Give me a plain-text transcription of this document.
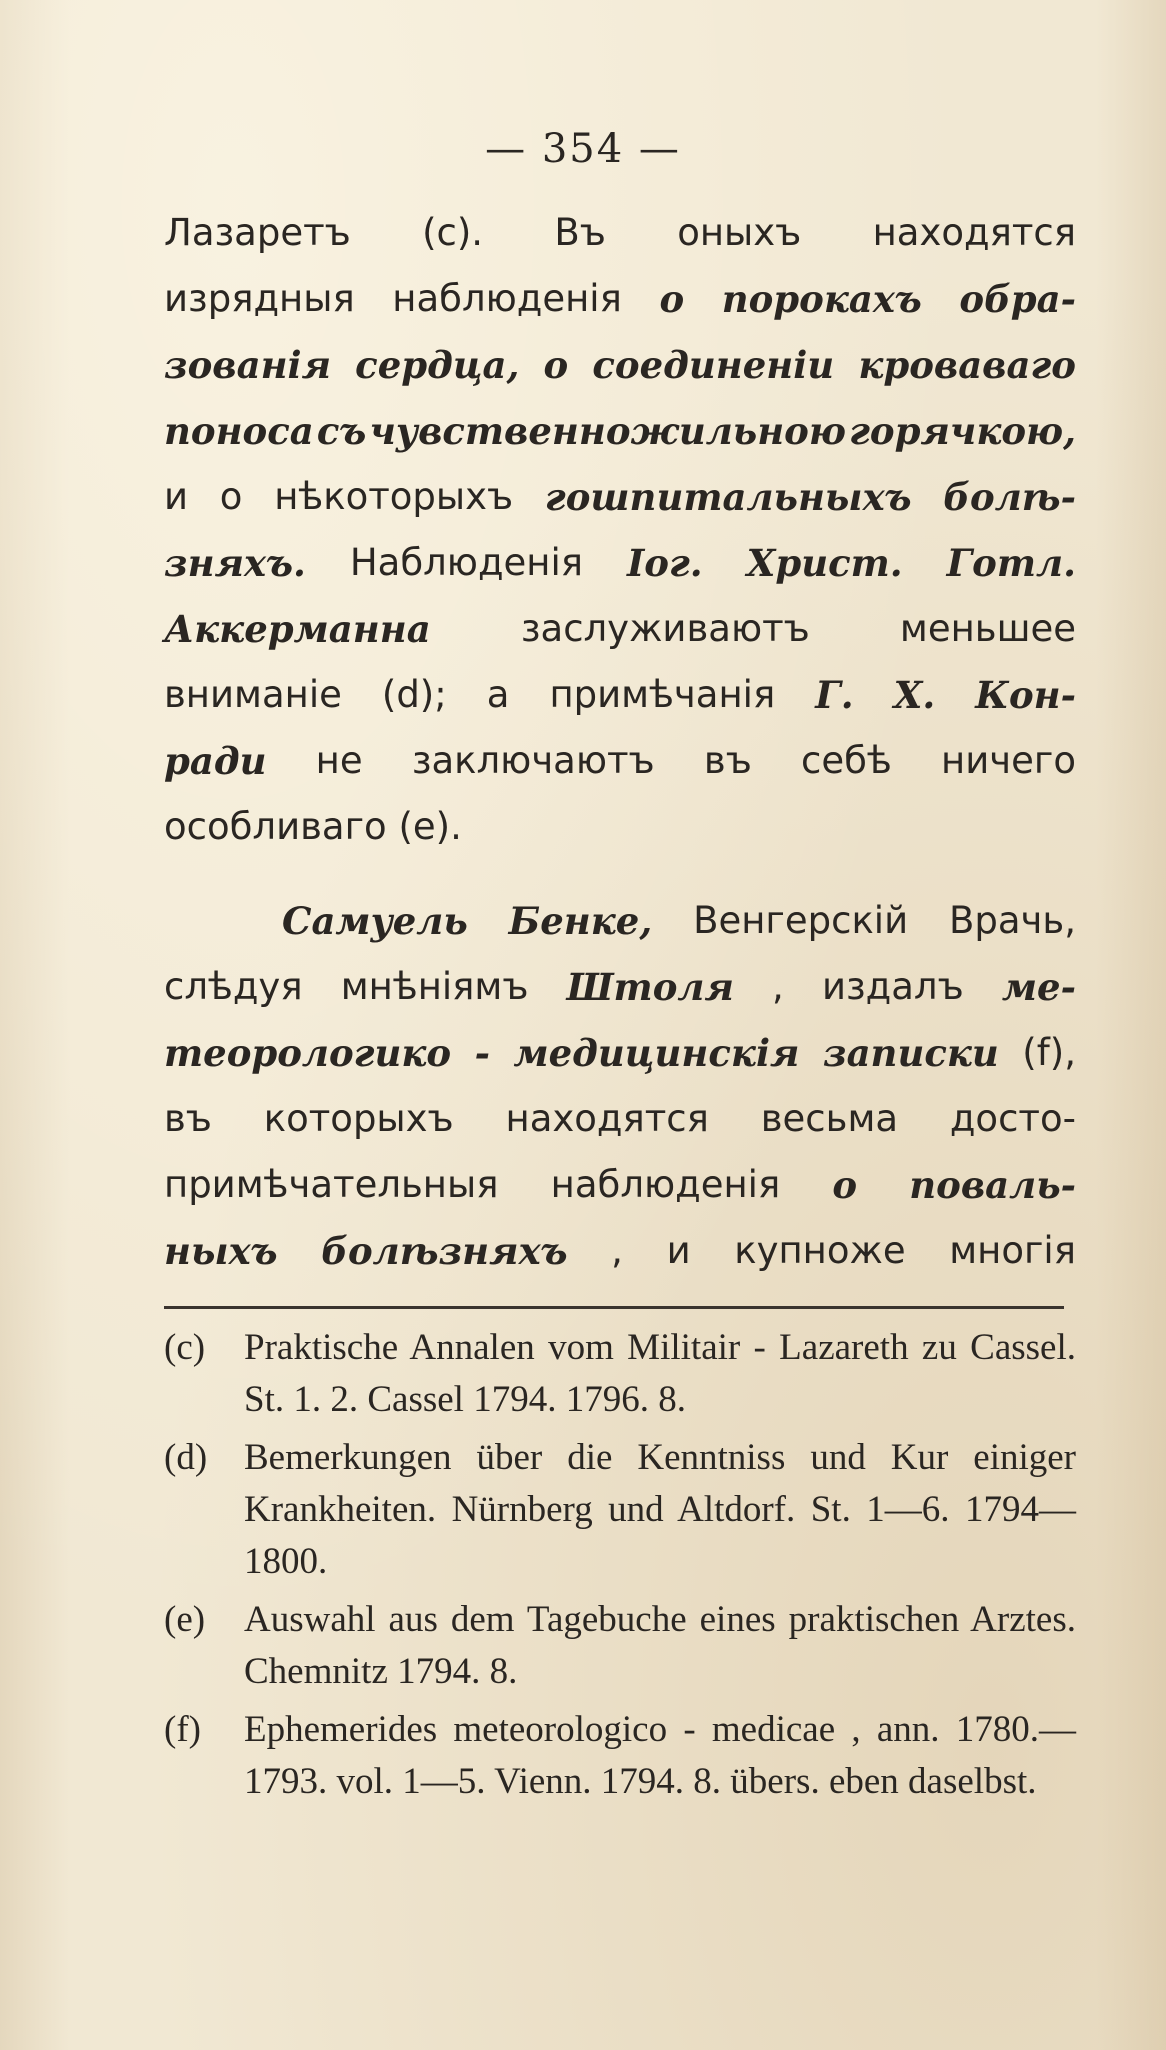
— 354 —
Лазаретъ (c). Въ оныхъ находятся
изрядныя наблюденія о порокахъ обра-
зованія сердца, о соединеніи кроваваго
поноса съ чувственножильною горячкою,
и о нѣкоторыхъ гошпитальныхъ болѣ-
зняхъ. Наблюденія Іог. Христ. Готл.
Аккерманна заслуживаютъ меньшее
вниманіе (d); а примѣчанія Г. Х. Кон-
ради не заключаютъ въ себѣ ничего
особливаго
(e).
Самуель Бенке, Венгерскій Врачь,
слѣдуя мнѣніямъ Штоля , издалъ ме-
теорологико - медицинскія записки (f),
въ которыхъ находятся весьма досто-
примѣчательныя наблюденія о поваль-
ныхъ болѣзняхъ , и купноже многія
(c)	Praktische Annalen vom Militair - Lazareth zu Cassel. St. 1. 2. Cassel 1794. 1796. 8.
(d) Bemerkungen über die Kenntniss und Kur einiger Krankheiten. Nürnberg und Altdorf. St. 1—6. 1794—1800.
(e)	Auswahl aus dem Tagebuche eines praktischen Arztes. Chemnitz 1794. 8.
(f)	Ephemerides meteorologico - medicae , ann. 1780.—1793. vol. 1—5. Vienn. 1794. 8. übers. eben daselbst.
